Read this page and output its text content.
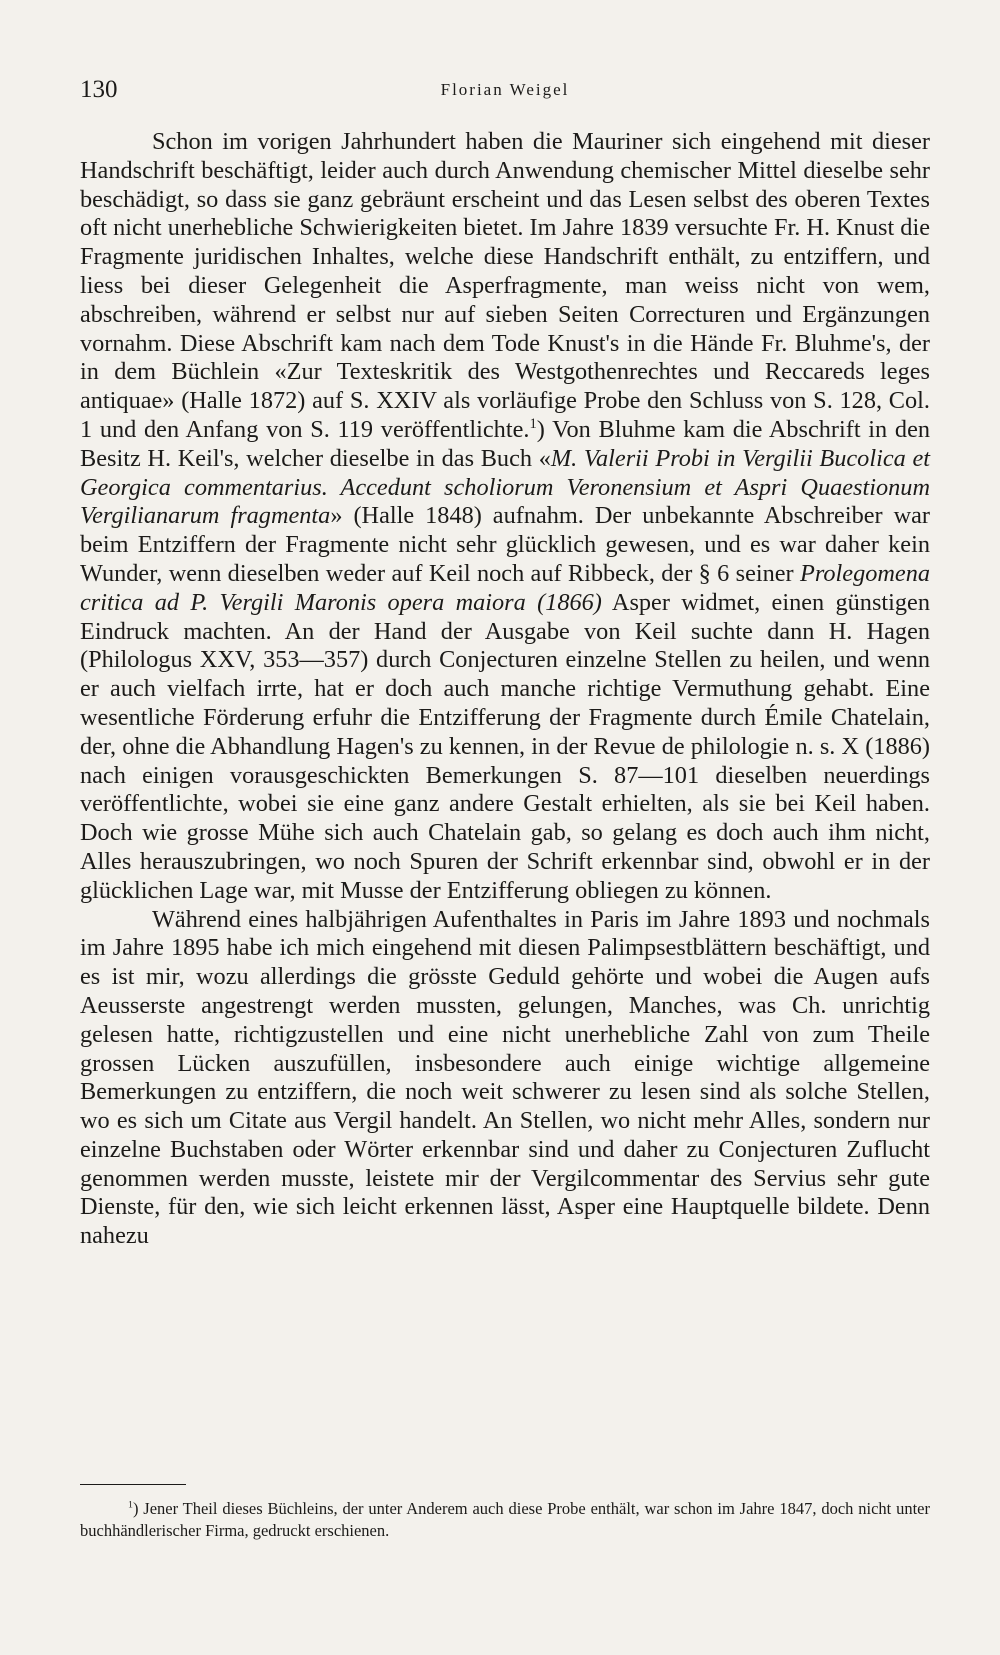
130	Florian Weigel

Schon im vorigen Jahrhundert haben die Mauriner sich eingehend mit dieser Handschrift beschäftigt, leider auch durch Anwendung chemischer Mittel dieselbe sehr beschädigt, so dass sie ganz gebräunt erscheint und das Lesen selbst des oberen Textes oft nicht unerhebliche Schwierigkeiten bietet. Im Jahre 1839 versuchte Fr. H. Knust die Fragmente juridischen Inhaltes, welche diese Handschrift enthält, zu entziffern, und liess bei dieser Gelegenheit die Asperfragmente, man weiss nicht von wem, abschreiben, während er selbst nur auf sieben Seiten Correcturen und Ergänzungen vornahm. Diese Abschrift kam nach dem Tode Knust's in die Hände Fr. Bluhme's, der in dem Büchlein «Zur Texteskritik des Westgothenrechtes und Reccareds leges antiquae» (Halle 1872) auf S. XXIV als vorläufige Probe den Schluss von S. 128, Col. 1 und den Anfang von S. 119 veröffentlichte.$^1$) Von Bluhme kam die Abschrift in den Besitz H. Keil's, welcher dieselbe in das Buch «M. Valerii Probi in Vergilii Bucolica et Georgica commentarius. Accedunt scholiorum Veronensium et Aspri Quaestionum Vergilianarum fragmenta» (Halle 1848) aufnahm. Der unbekannte Abschreiber war beim Entziffern der Fragmente nicht sehr glücklich gewesen, und es war daher kein Wunder, wenn dieselben weder auf Keil noch auf Ribbeck, der § 6 seiner Prolegomena critica ad P. Vergili Maronis opera maiora (1866) Asper widmet, einen günstigen Eindruck machten. An der Hand der Ausgabe von Keil suchte dann H. Hagen (Philologus XXV, 353—357) durch Conjecturen einzelne Stellen zu heilen, und wenn er auch vielfach irrte, hat er doch auch manche richtige Vermuthung gehabt. Eine wesentliche Förderung erfuhr die Entzifferung der Fragmente durch Émile Chatelain, der, ohne die Abhandlung Hagen's zu kennen, in der Revue de philologie n. s. X (1886) nach einigen vorausgeschickten Bemerkungen S. 87—101 dieselben neuerdings veröffentlichte, wobei sie eine ganz andere Gestalt erhielten, als sie bei Keil haben. Doch wie grosse Mühe sich auch Chatelain gab, so gelang es doch auch ihm nicht, Alles herauszubringen, wo noch Spuren der Schrift erkennbar sind, obwohl er in der glücklichen Lage war, mit Musse der Entzifferung obliegen zu können.

Während eines halbjährigen Aufenthaltes in Paris im Jahre 1893 und nochmals im Jahre 1895 habe ich mich eingehend mit diesen Palimpsestblättern beschäftigt, und es ist mir, wozu allerdings die grösste Geduld gehörte und wobei die Augen aufs Aeusserste angestrengt werden mussten, gelungen, Manches, was Ch. unrichtig gelesen hatte, richtigzustellen und eine nicht unerhebliche Zahl von zum Theile grossen Lücken auszufüllen, insbesondere auch einige wichtige allgemeine Bemerkungen zu entziffern, die noch weit schwerer zu lesen sind als solche Stellen, wo es sich um Citate aus Vergil handelt. An Stellen, wo nicht mehr Alles, sondern nur einzelne Buchstaben oder Wörter erkennbar sind und daher zu Conjecturen Zuflucht genommen werden musste, leistete mir der Vergilcommentar des Servius sehr gute Dienste, für den, wie sich leicht erkennen lässt, Asper eine Hauptquelle bildete. Denn nahezu

$^1$) Jener Theil dieses Büchleins, der unter Anderem auch diese Probe enthält, war schon im Jahre 1847, doch nicht unter buchhändlerischer Firma, gedruckt erschienen.
